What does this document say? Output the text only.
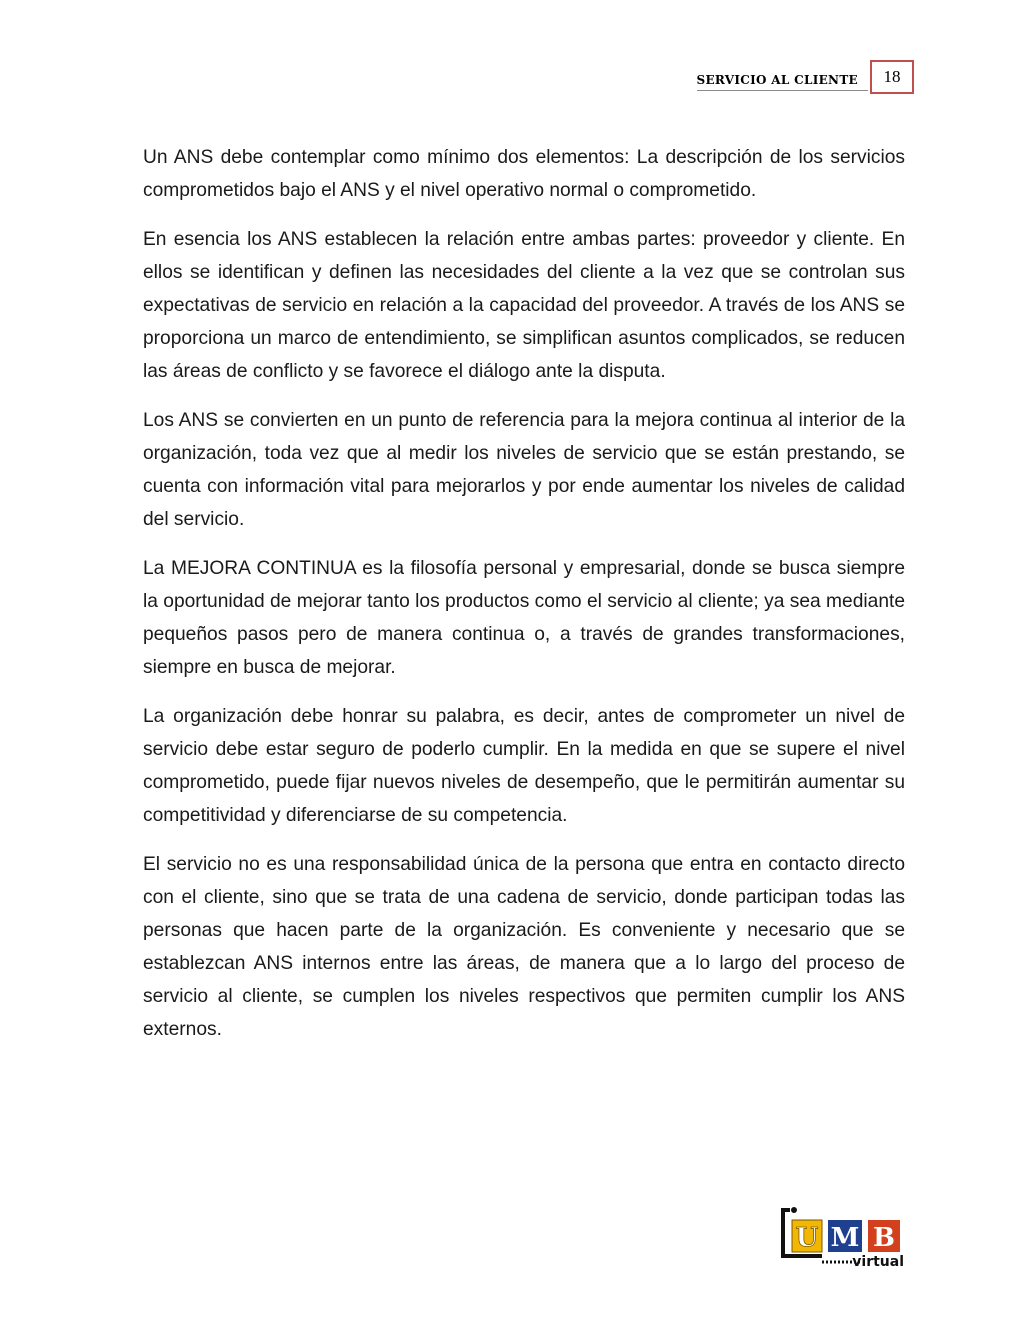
SERVICIO AL CLIENTE	18

Un ANS debe contemplar como mínimo dos elementos: La descripción de los servicios comprometidos bajo el ANS y el nivel operativo normal o comprometido.

En esencia los ANS establecen la relación entre ambas partes: proveedor y cliente. En ellos se identifican y definen las necesidades del cliente a la vez que se controlan sus expectativas de servicio en relación a la capacidad del proveedor. A través de los ANS se proporciona un marco de entendimiento, se simplifican asuntos complicados, se reducen las áreas de conflicto y se favorece el diálogo ante la disputa.

Los ANS se convierten en un punto de referencia para la mejora continua al interior de la organización, toda vez que al medir los niveles de servicio que se están prestando, se cuenta con información vital para mejorarlos y por ende aumentar los niveles de calidad del servicio.

La MEJORA CONTINUA es la filosofía personal y empresarial, donde se busca siempre la oportunidad de mejorar tanto los productos como el servicio al cliente; ya sea mediante pequeños pasos pero de manera continua o, a través de grandes transformaciones, siempre en busca de mejorar.

La organización debe honrar su palabra, es decir, antes de comprometer un nivel de servicio debe estar seguro de poderlo cumplir. En la medida en que se supere el nivel comprometido, puede fijar nuevos niveles de desempeño, que le permitirán aumentar su competitividad y diferenciarse de su competencia.

El servicio no es una responsabilidad única de la persona que entra en contacto directo con el cliente, sino que se trata de una cadena de servicio, donde participan todas las personas que hacen parte de la organización. Es conveniente y necesario que se establezcan ANS internos entre las áreas, de manera que a lo largo del proceso de servicio al cliente, se cumplen los niveles respectivos que permiten cumplir los ANS externos.

U M B
virtual
